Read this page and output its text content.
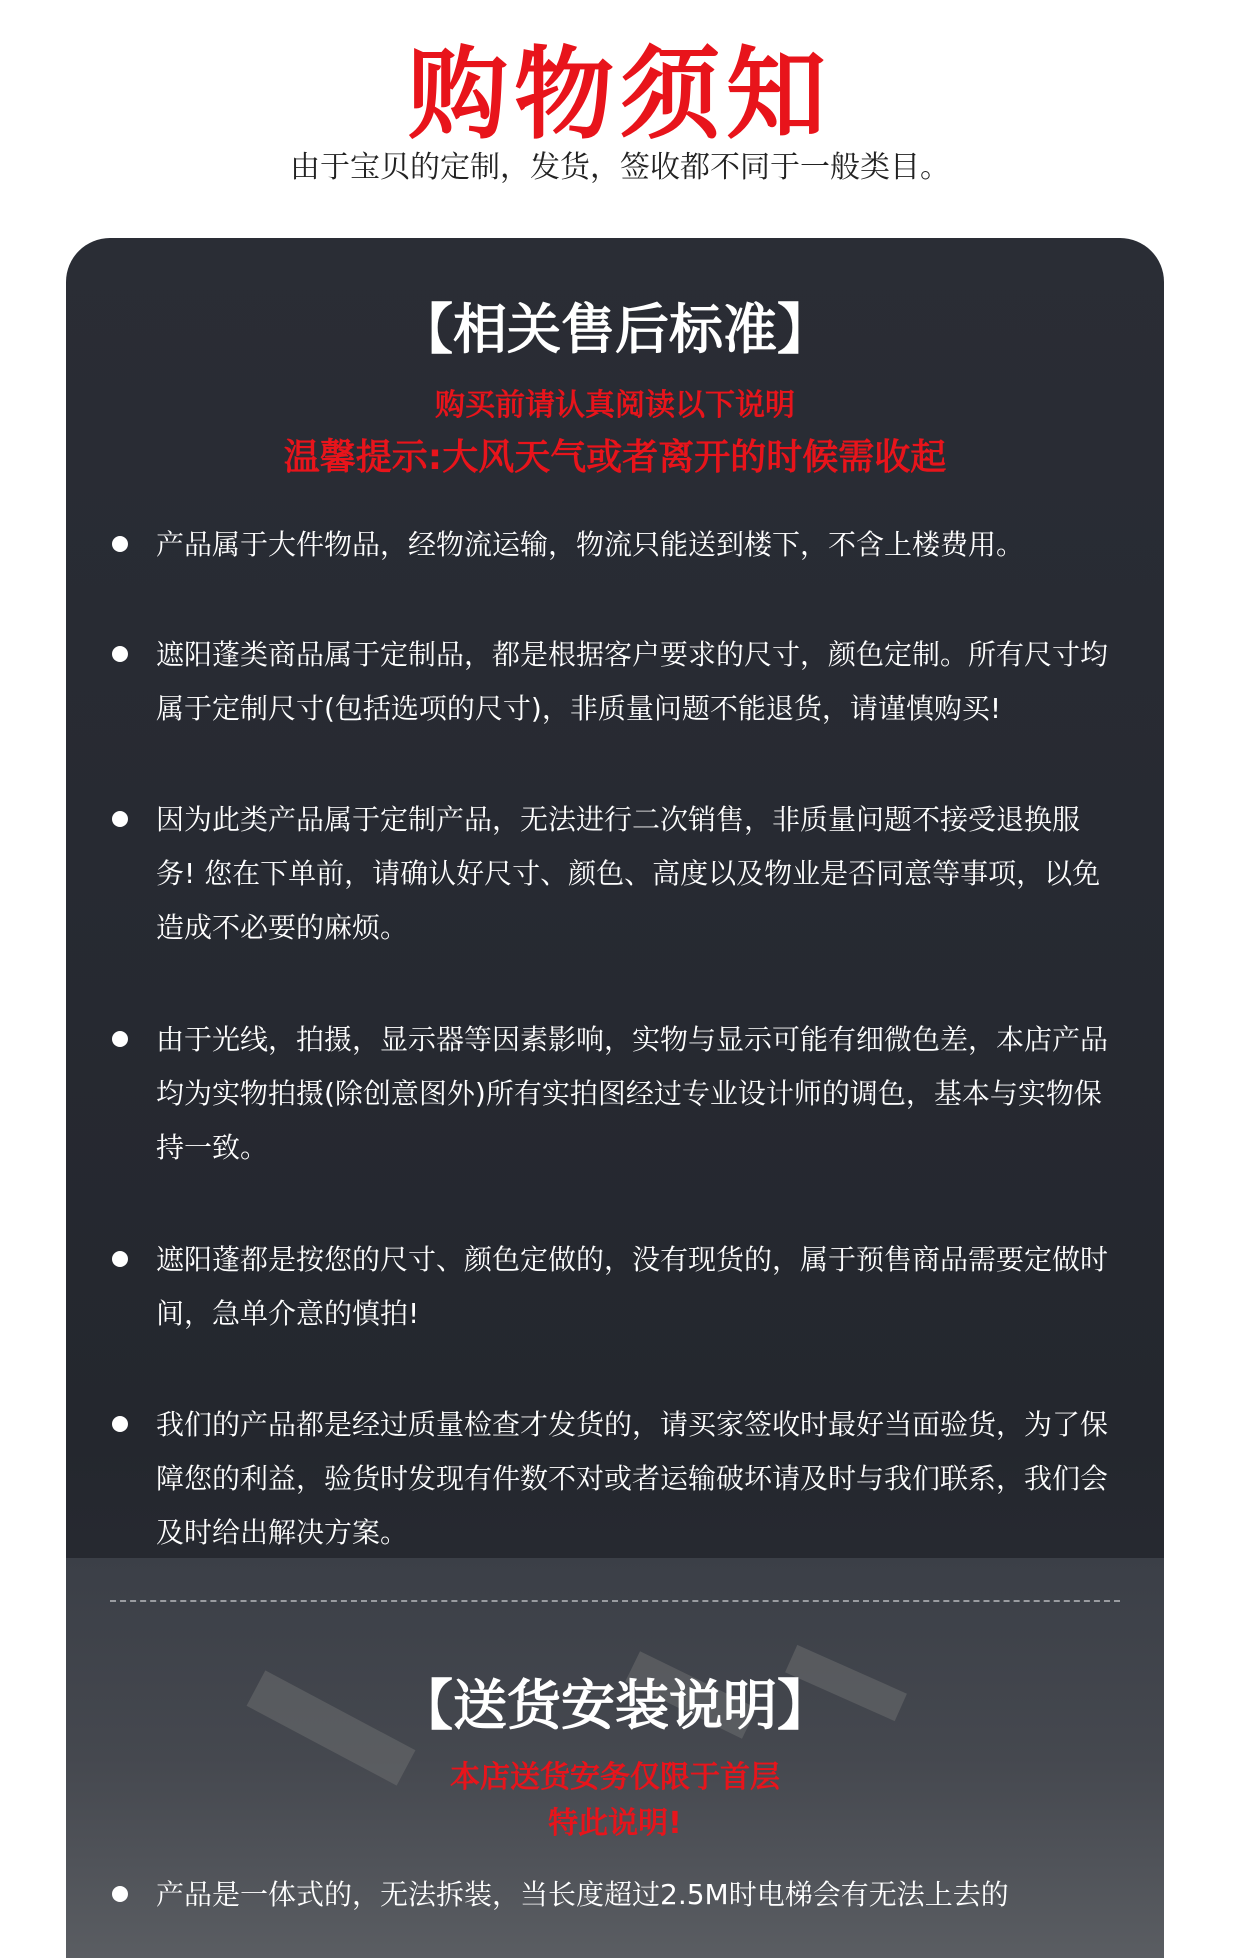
购物须知
由于宝贝的定制，发货，签收都不同于一般类目。
【相关售后标准】
购买前请认真阅读以下说明
温馨提示:大风天气或者离开的时候需收起
产品属于大件物品，经物流运输，物流只能送到楼下，不含上楼费用。
遮阳蓬类商品属于定制品，都是根据客户要求的尺寸，颜色定制。所有尺寸均属于定制尺寸(包括选项的尺寸)，非质量问题不能退货，请谨慎购买!
因为此类产品属于定制产品，无法进行二次销售，非质量问题不接受退换服务! 您在下单前，请确认好尺寸、颜色、高度以及物业是否同意等事项，以免造成不必要的麻烦。
由于光线，拍摄，显示器等因素影响，实物与显示可能有细微色差，本店产品均为实物拍摄(除创意图外)所有实拍图经过专业设计师的调色，基本与实物保持一致。
遮阳蓬都是按您的尺寸、颜色定做的，没有现货的，属于预售商品需要定做时间，急单介意的慎拍!
我们的产品都是经过质量检查才发货的，请买家签收时最好当面验货，为了保障您的利益，验货时发现有件数不对或者运输破坏请及时与我们联系，我们会及时给出解决方案。
【送货安装说明】
本店送货安务仅限于首层
特此说明!
产品是一体式的，无法拆装，当长度超过2.5M时电梯会有无法上去的
